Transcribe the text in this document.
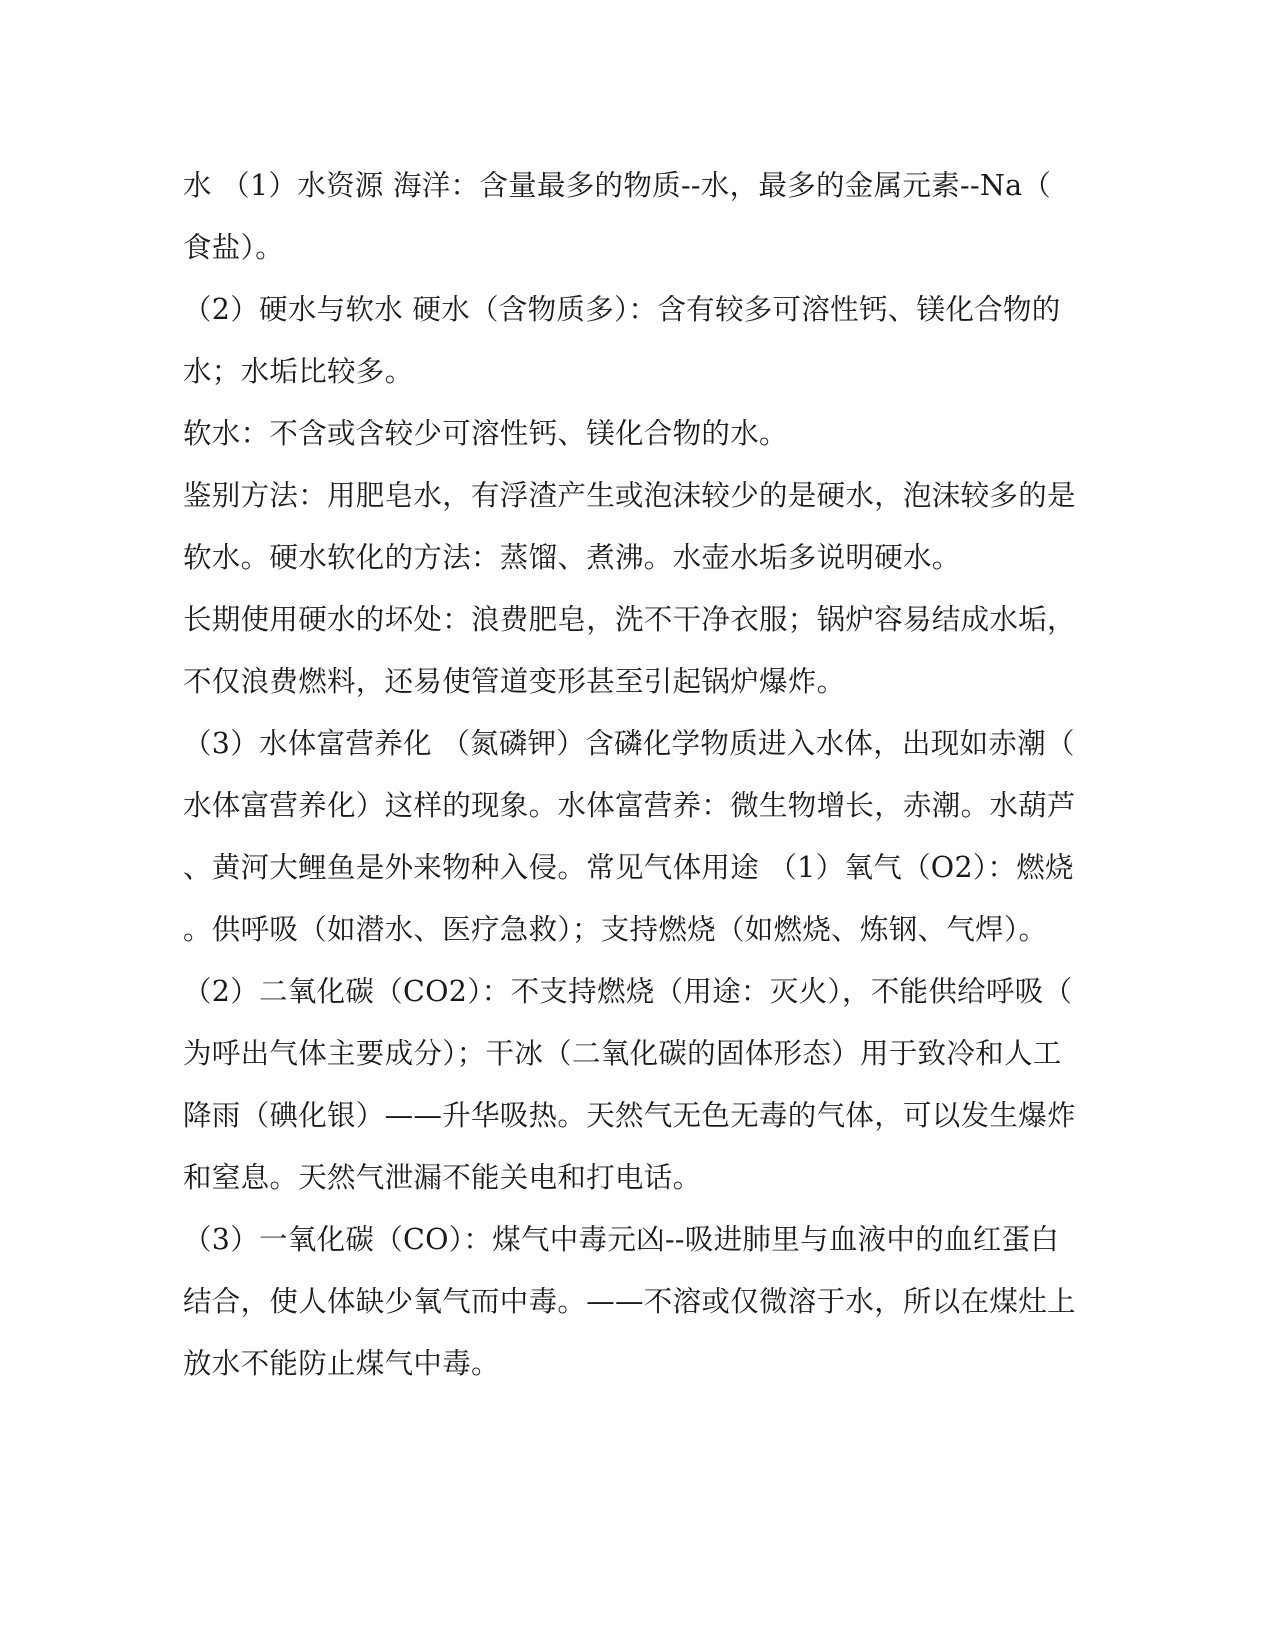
水 （1）水资源 海洋：含量最多的物质--水，最多的金属元素--Na（
食盐）。
（2）硬水与软水 硬水（含物质多）：含有较多可溶性钙、镁化合物的
水；水垢比较多。
软水：不含或含较少可溶性钙、镁化合物的水。
鉴别方法：用肥皂水，有浮渣产生或泡沫较少的是硬水，泡沫较多的是
软水。硬水软化的方法：蒸馏、煮沸。水壶水垢多说明硬水。
长期使用硬水的坏处：浪费肥皂，洗不干净衣服；锅炉容易结成水垢，
不仅浪费燃料，还易使管道变形甚至引起锅炉爆炸。
（3）水体富营养化 （氮磷钾）含磷化学物质进入水体，出现如赤潮（
水体富营养化）这样的现象。水体富营养：微生物增长，赤潮。水葫芦
、黄河大鲤鱼是外来物种入侵。常见气体用途 （1）氧气（O2）：燃烧
。供呼吸（如潜水、医疗急救）；支持燃烧（如燃烧、炼钢、气焊）。
（2）二氧化碳（CO2）：不支持燃烧（用途：灭火），不能供给呼吸（
为呼出气体主要成分）；干冰（二氧化碳的固体形态）用于致冷和人工
降雨（碘化银）——升华吸热。天然气无色无毒的气体，可以发生爆炸
和窒息。天然气泄漏不能关电和打电话。
（3）一氧化碳（CO）：煤气中毒元凶--吸进肺里与血液中的血红蛋白
结合，使人体缺少氧气而中毒。——不溶或仅微溶于水，所以在煤灶上
放水不能防止煤气中毒。
